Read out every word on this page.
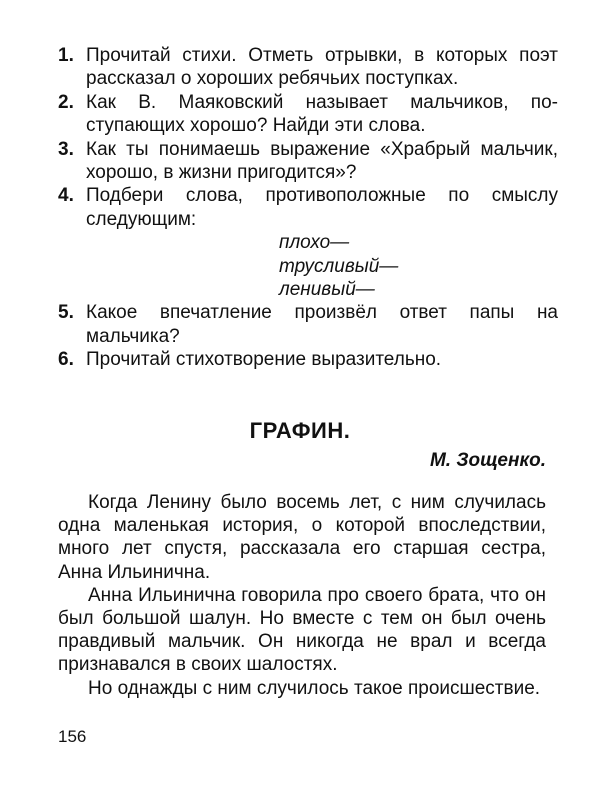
1. Прочитай стихи. Отметь отрывки, в которых поэт рассказал о хороших ребячьих поступках.
2. Как В. Маяковский называет мальчиков, поступающих хорошо? Найди эти слова.
3. Как ты понимаешь выражение «Храбрый мальчик, хорошо, в жизни пригодится»?
4. Подбери слова, противоположные по смыслу следующим:
плохо—
трусливый—
ленивый—
5. Какое впечатление произвёл ответ папы на мальчика?
6. Прочитай стихотворение выразительно.
ГРАФИН.

М. Зощенко.

Когда Ленину было восемь лет, с ним случилась одна маленькая история, о которой впоследствии, много лет спустя, рассказала его старшая сестра, Анна Ильинична.

Анна Ильинична говорила про своего брата, что он был большой шалун. Но вместе с тем он был очень правдивый мальчик. Он никогда не врал и всегда признавался в своих шалостях.

Но однажды с ним случилось такое происшествие.

156
